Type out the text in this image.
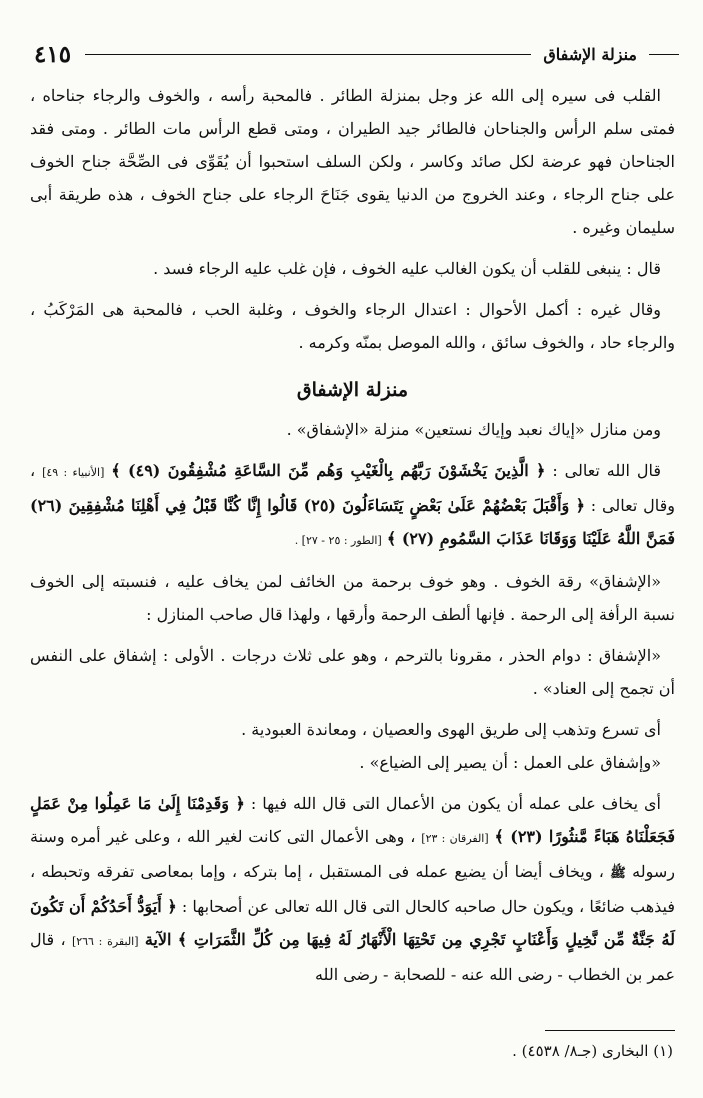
٤١٥	منزلة الإشفاق

القلب فى سيره إلى الله عز وجل بمنزلة الطائر . فالمحبة رأسه ، والخوف والرجاء جناحاه ، فمتى سلم الرأس والجناحان فالطائر جيد الطيران ، ومتى قطع الرأس مات الطائر . ومتى فقد الجناحان فهو عرضة لكل صائد وكاسر ، ولكن السلف استحبوا أن يُقَوِّى فى الصِّحَّة جناح الخوف على جناح الرجاء ، وعند الخروج من الدنيا يقوى جَنَاحَ الرجاء على جناح الخوف ، هذه طريقة أبى سليمان وغيره .

قال : ينبغى للقلب أن يكون الغالب عليه الخوف ، فإن غلب عليه الرجاء فسد .

وقال غيره : أكمل الأحوال : اعتدال الرجاء والخوف ، وغلبة الحب ، فالمحبة هى المَرْكَبُ ، والرجاء حاد ، والخوف سائق ، والله الموصل بمنّه وكرمه .

منزلة الإشفاق

ومن منازل «إياك نعبد وإياك نستعين» منزلة «الإشفاق» .

قال الله تعالى : ﴿ الَّذِينَ يَخْشَوْنَ رَبَّهُم بِالْغَيْبِ وَهُم مِّنَ السَّاعَةِ مُشْفِقُونَ (٤٩) ﴾ [الأنبياء : ٤٩] ، وقال تعالى : ﴿ وَأَقْبَلَ بَعْضُهُمْ عَلَىٰ بَعْضٍ يَتَسَاءَلُونَ (٢٥) قَالُوا إِنَّا كُنَّا قَبْلُ فِي أَهْلِنَا مُشْفِقِينَ (٢٦) فَمَنَّ اللَّهُ عَلَيْنَا وَوَقَانَا عَذَابَ السَّمُومِ (٢٧) ﴾ [الطور : ٢٥ - ٢٧] .

«الإشفاق» رقة الخوف . وهو خوف برحمة من الخائف لمن يخاف عليه ، فنسبته إلى الخوف نسبة الرأفة إلى الرحمة . فإنها ألطف الرحمة وأرقها ، ولهذا قال صاحب المنازل :

«الإشفاق : دوام الحذر ، مقرونا بالترحم ، وهو على ثلاث درجات . الأولى : إشفاق على النفس أن تجمح إلى العناد» .

أى تسرع وتذهب إلى طريق الهوى والعصيان ، ومعاندة العبودية .

«وإشفاق على العمل : أن يصير إلى الضياع» .

أى يخاف على عمله أن يكون من الأعمال التى قال الله فيها : ﴿ وَقَدِمْنَا إِلَىٰ مَا عَمِلُوا مِنْ عَمَلٍ فَجَعَلْنَاهُ هَبَاءً مَّنثُورًا (٢٣) ﴾ [الفرقان : ٢٣] ، وهى الأعمال التى كانت لغير الله ، وعلى غير أمره وسنة رسوله ﷺ ، ويخاف أيضا أن يضيع عمله فى المستقبل ، إما بتركه ، وإما بمعاصى تفرقه وتحبطه ، فيذهب ضائعًا ، ويكون حال صاحبه كالحال التى قال الله تعالى عن أصحابها : ﴿ أَيَوَدُّ أَحَدُكُمْ أَن تَكُونَ لَهُ جَنَّةٌ مِّن نَّخِيلٍ وَأَعْنَابٍ تَجْرِي مِن تَحْتِهَا الْأَنْهَارُ لَهُ فِيهَا مِن كُلِّ الثَّمَرَاتِ ﴾ الآية [البقرة : ٢٦٦] ، قال عمر بن الخطاب - رضى الله عنه - للصحابة - رضى الله

(١) البخارى (جـ٨/ ٤٥٣٨) .
